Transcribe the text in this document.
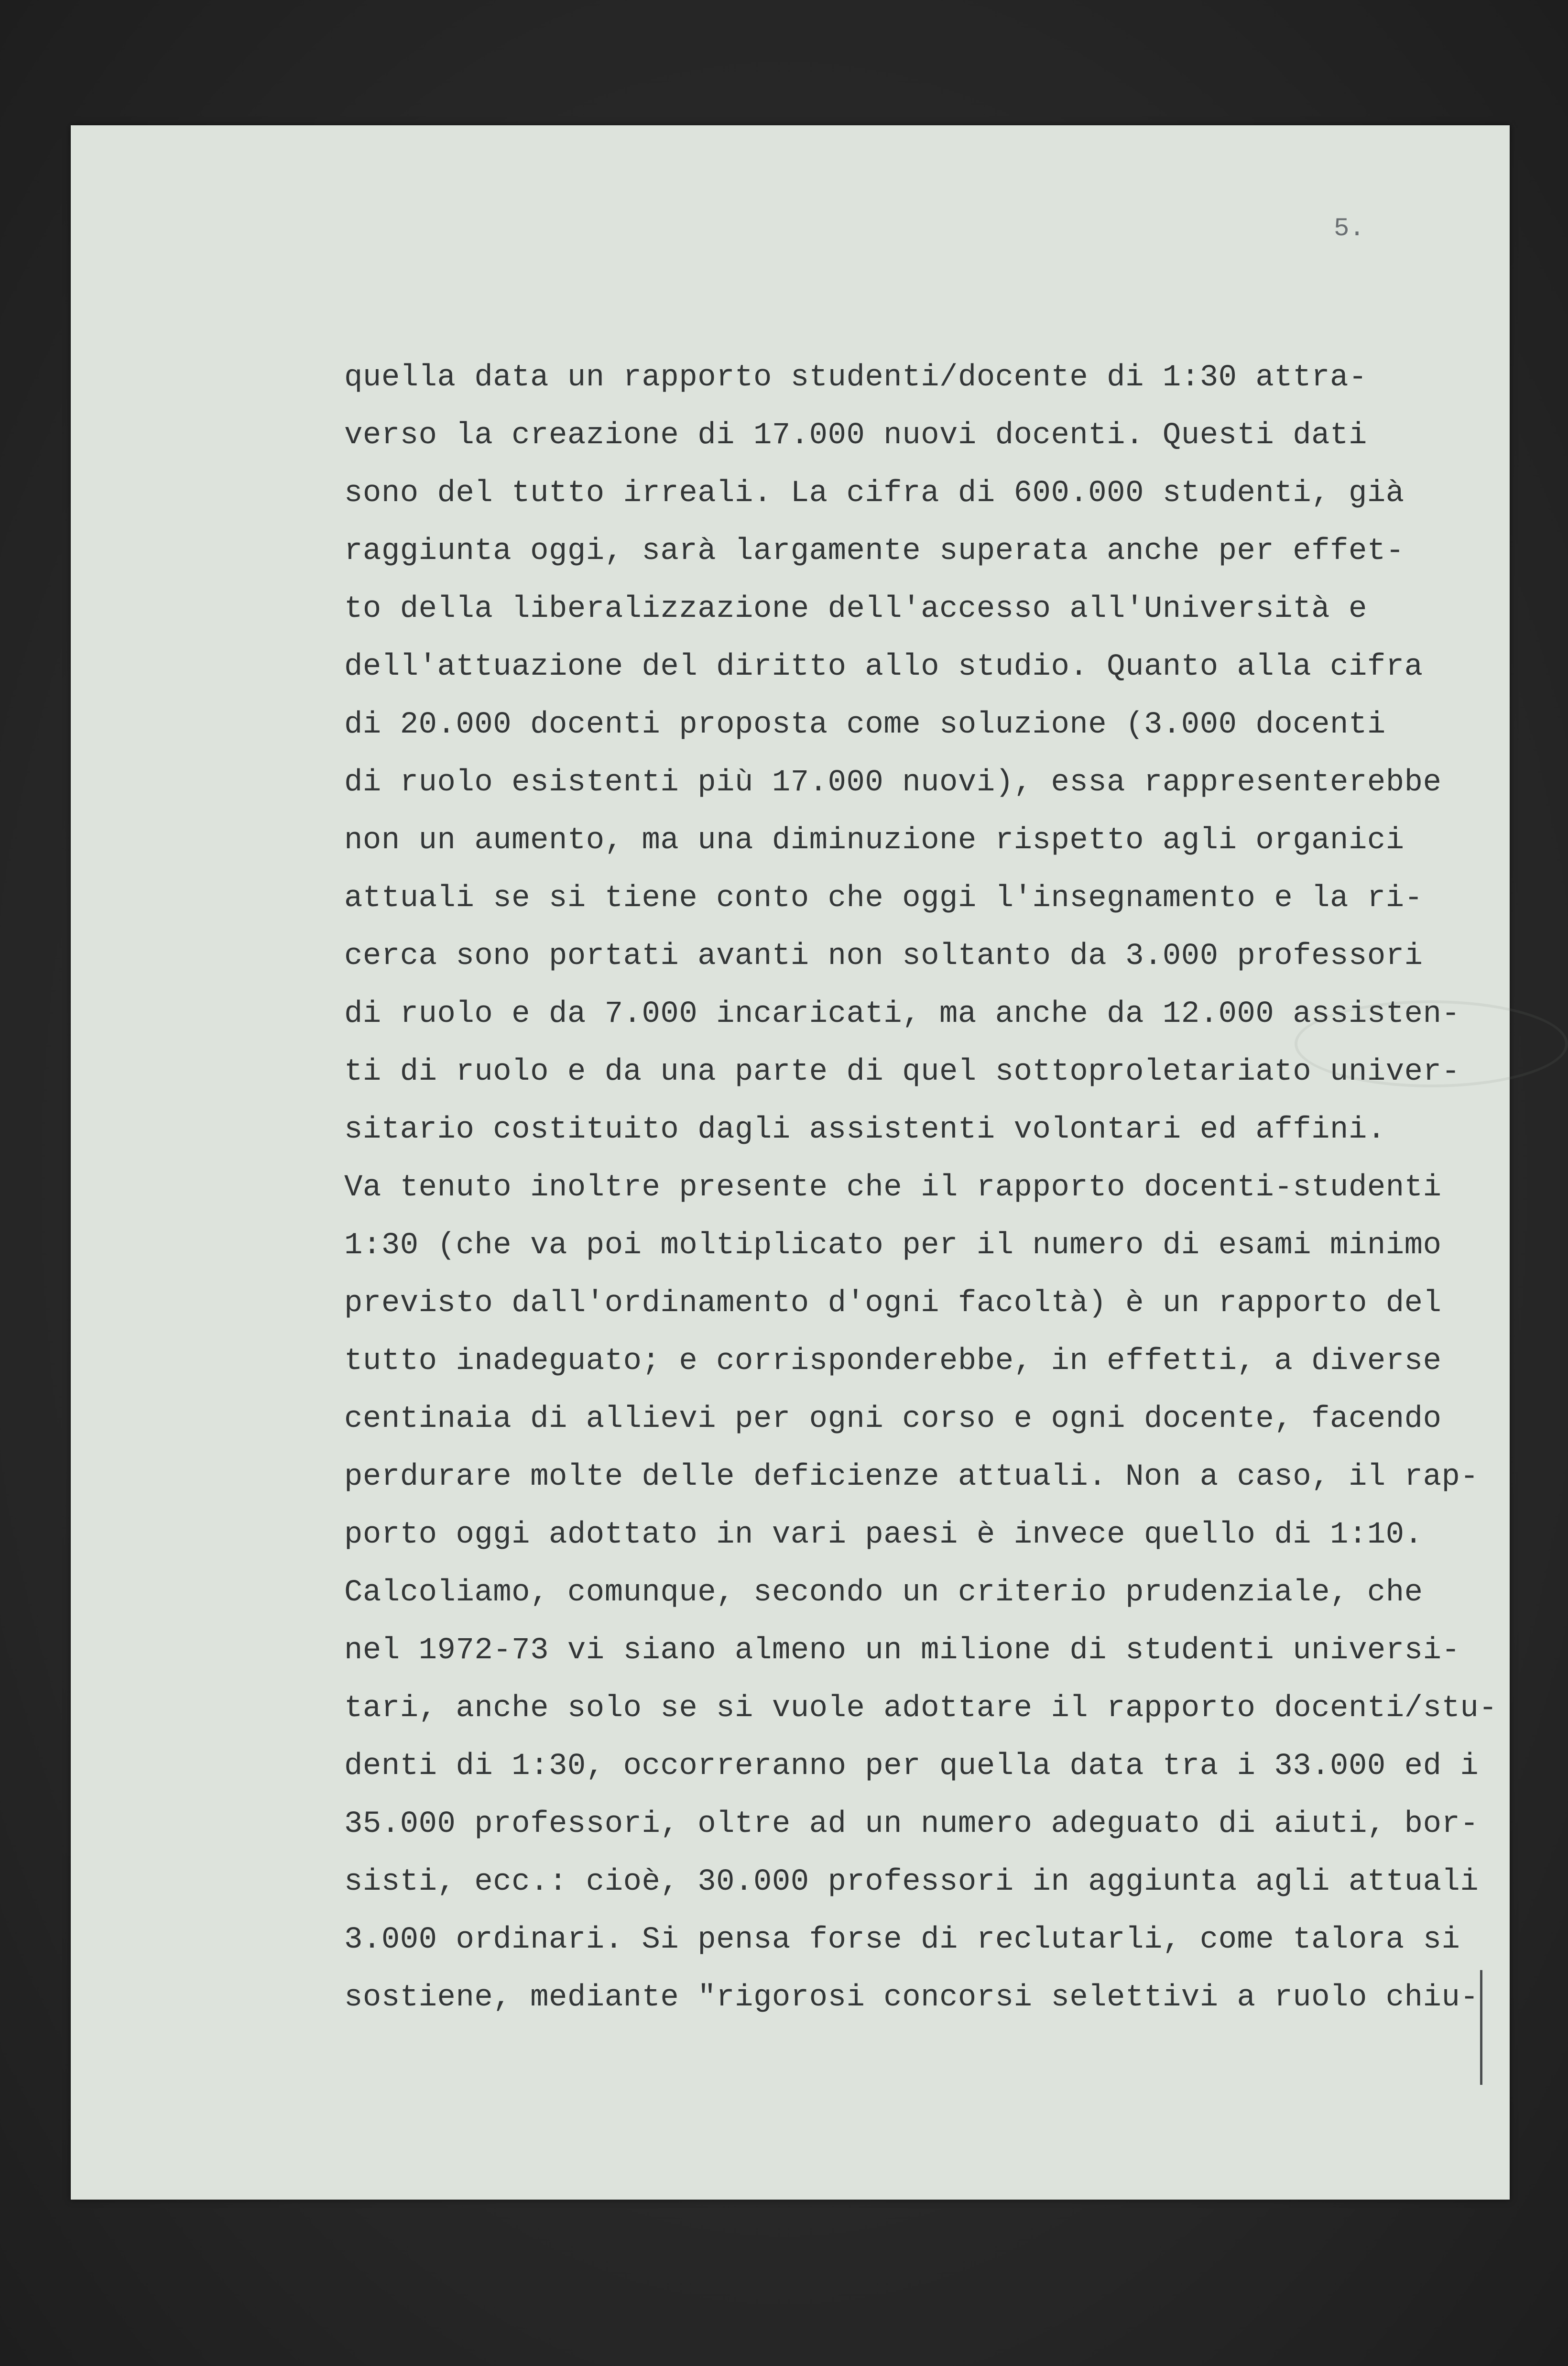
5.
quella data un rapporto studenti/docente di 1:30 attra-
verso la creazione di 17.000 nuovi docenti. Questi dati
sono del tutto irreali. La cifra di 600.000 studenti, già
raggiunta oggi, sarà largamente superata anche per effet-
to della liberalizzazione dell'accesso all'Università e
dell'attuazione del diritto allo studio. Quanto alla cifra
di 20.000 docenti proposta come soluzione (3.000 docenti
di ruolo esistenti più 17.000 nuovi), essa rappresenterebbe
non un aumento, ma una diminuzione rispetto agli organici
attuali se si tiene conto che oggi l'insegnamento e la ri-
cerca sono portati avanti non soltanto da 3.000 professori
di ruolo e da 7.000 incaricati, ma anche da 12.000 assisten-
ti di ruolo e da una parte di quel sottoproletariato univer-
sitario costituito dagli assistenti volontari ed affini.
Va tenuto inoltre presente che il rapporto docenti-studenti
1:30 (che va poi moltiplicato per il numero di esami minimo
previsto dall'ordinamento d'ogni facoltà) è un rapporto del
tutto inadeguato; e corrisponderebbe, in effetti, a diverse
centinaia di allievi per ogni corso e ogni docente, facendo
perdurare molte delle deficienze attuali. Non a caso, il rap-
porto oggi adottato in vari paesi è invece quello di 1:10.
Calcoliamo, comunque, secondo un criterio prudenziale, che
nel 1972-73 vi siano almeno un milione di studenti universi-
tari, anche solo se si vuole adottare il rapporto docenti/stu-
denti di 1:30, occorreranno per quella data tra i 33.000 ed i
35.000 professori, oltre ad un numero adeguato di aiuti, bor-
sisti, ecc.: cioè, 30.000 professori in aggiunta agli attuali
3.000 ordinari. Si pensa forse di reclutarli, come talora si
sostiene, mediante "rigorosi concorsi selettivi a ruolo chiu-
